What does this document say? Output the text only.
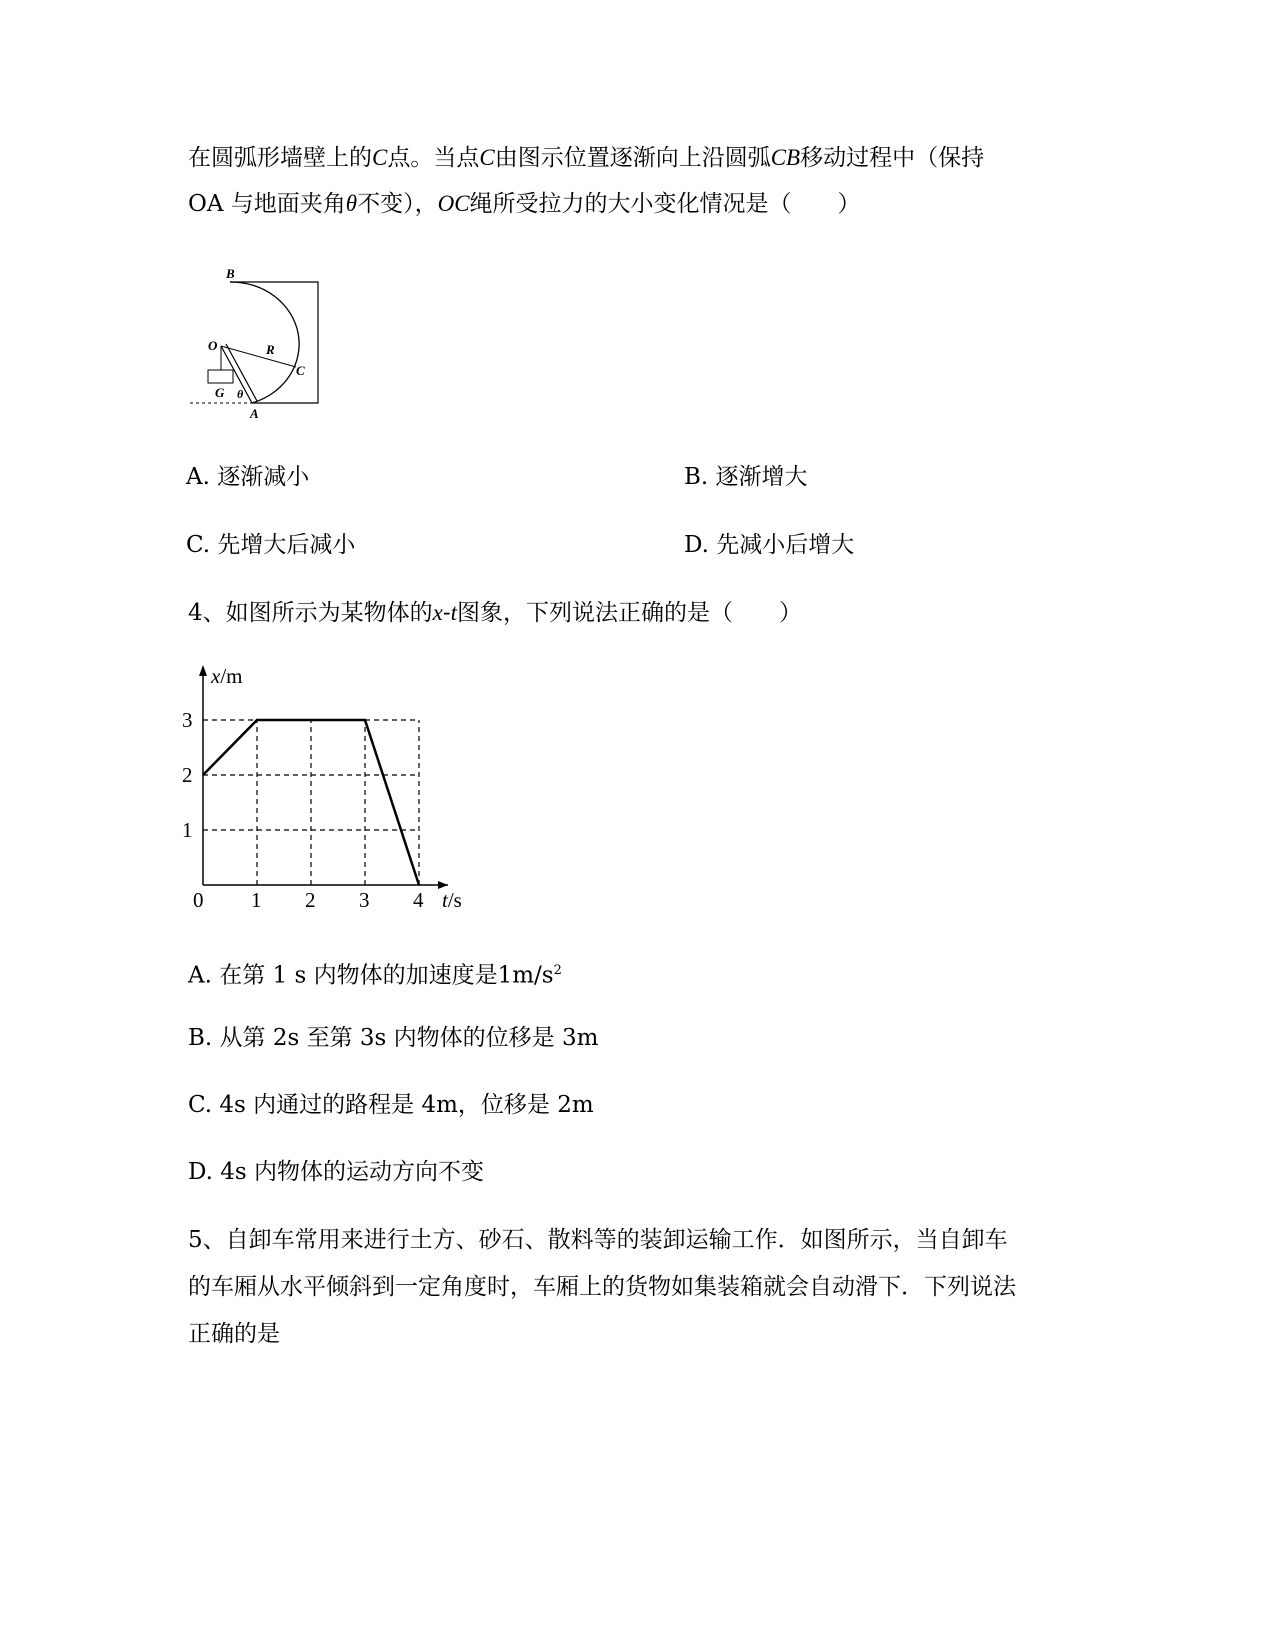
在圆弧形墙壁上的C点。当点C由图示位置逐渐向上沿圆弧CB移动过程中（保持
OA 与地面夹角θ不变），OC绳所受拉力的大小变化情况是（　　）
B
O	R
C
G θ
A
A. 逐渐减小	B. 逐渐增大
C. 先增大后减小	D. 先减小后增大
4、如图所示为某物体的x-t图象，下列说法正确的是（　　）
1 2 3 4
1
2
3
0
x/m
t/s
A. 在第 1 s 内物体的加速度是$1m/s^2$
B. 从第 2s 至第 3s 内物体的位移是 3m
C. 4s 内通过的路程是 4m，位移是 2m
D. 4s 内物体的运动方向不变
5、自卸车常用来进行土方、砂石、散料等的装卸运输工作．如图所示，当自卸车
的车厢从水平倾斜到一定角度时，车厢上的货物如集装箱就会自动滑下．下列说法
正确的是
